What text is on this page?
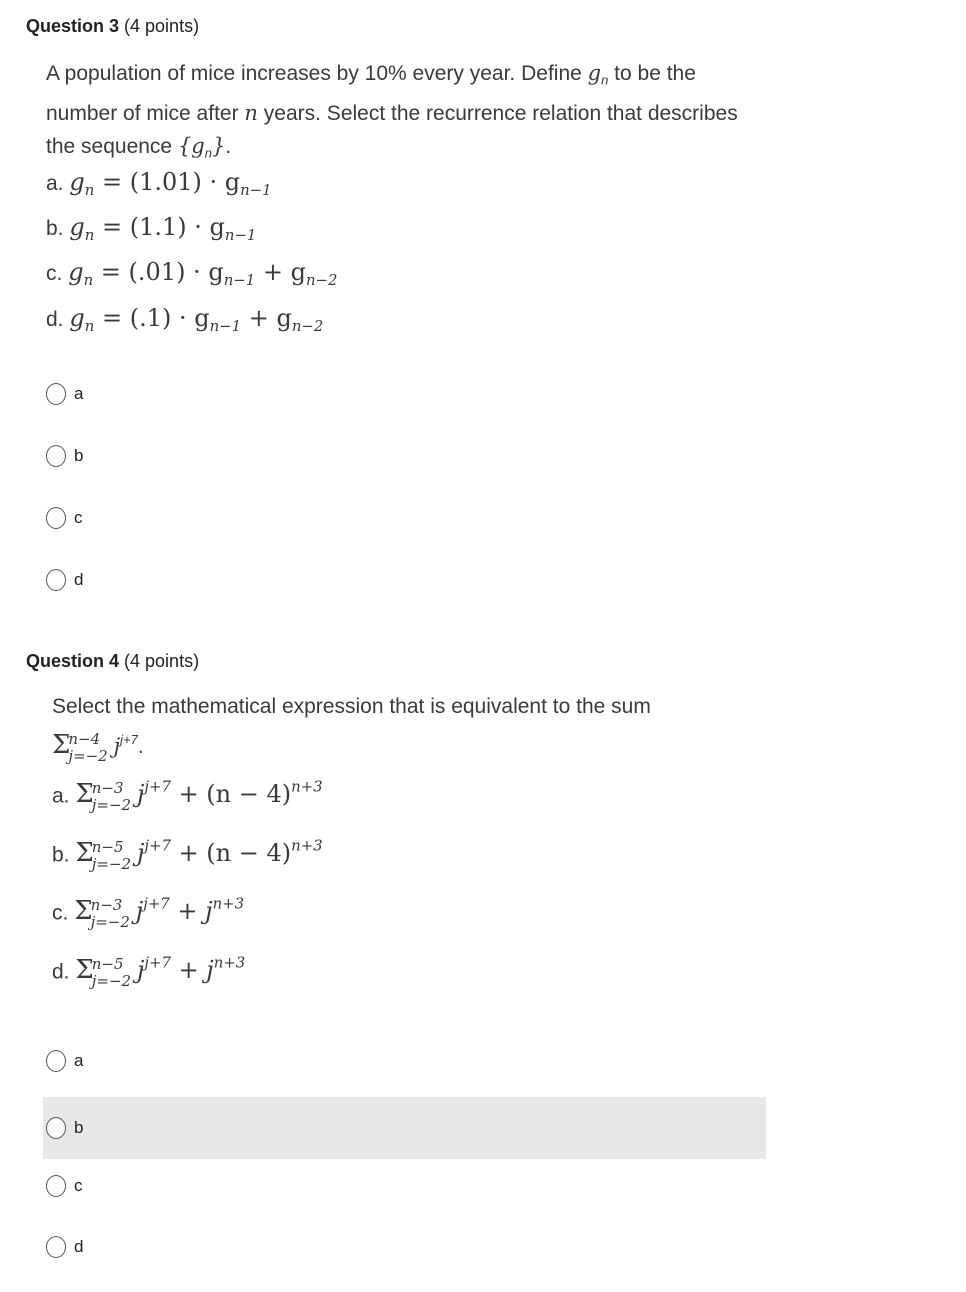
Question 3 (4 points)
A population of mice increases by 10% every year. Define $g_n$ to be the number of mice after n years. Select the recurrence relation that describes the sequence $\{g_n\}$.
a. $g_n = (1.01) \cdot g_{n-1}$
b. $g_n = (1.1) \cdot g_{n-1}$
c. $g_n = (.01) \cdot g_{n-1} + g_{n-2}$
d. $g_n = (.1) \cdot g_{n-1} + g_{n-2}$
a
b
c
d
Question 4 (4 points)
Select the mathematical expression that is equivalent to the sum
Σn−4
j=−2 $j^{j+7}$.
a. Σn−3
j=−2 $j^{j+7} + (n - 4)^{n+3}$
b. Σn−5
j=−2 $j^{j+7} + (n - 4)^{n+3}$
c. Σn−3
j=−2 $j^{j+7} + j^{n+3}$
d. Σn−5
j=−2 $j^{j+7} + j^{n+3}$
a
b
c
d
